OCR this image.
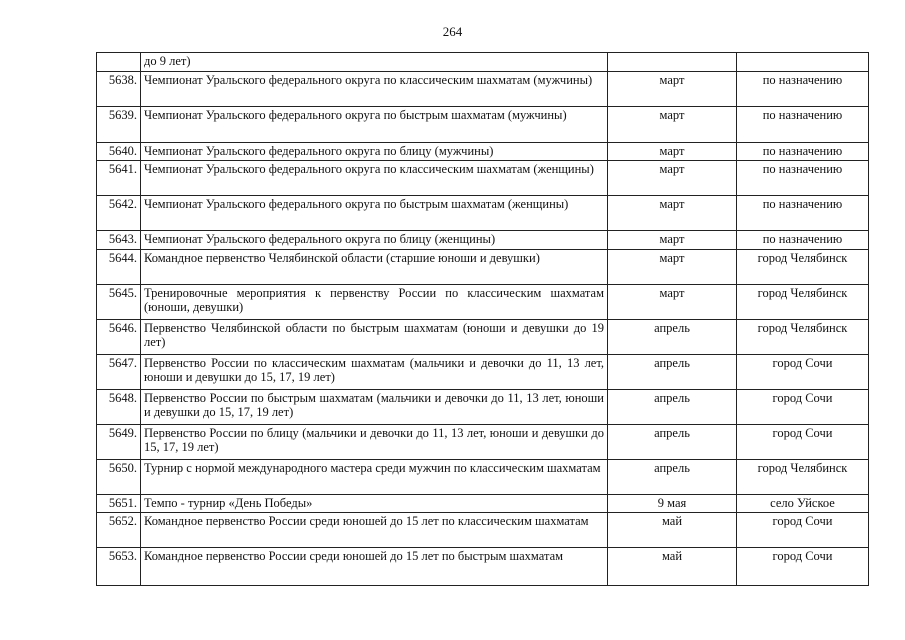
264
	до 9 лет)		
5638.	Чемпионат Уральского федерального округа по классическим шахматам (мужчины)	март	по назначению
5639.	Чемпионат Уральского федерального округа по быстрым шахматам (мужчины)	март	по назначению
5640.	Чемпионат Уральского федерального округа по блицу (мужчины)	март	по назначению
5641.	Чемпионат Уральского федерального округа по классическим шахматам (женщины)	март	по назначению
5642.	Чемпионат Уральского федерального округа по быстрым шахматам (женщины)	март	по назначению
5643.	Чемпионат Уральского федерального округа по блицу (женщины)	март	по назначению
5644.	Командное первенство Челябинской области (старшие юноши и девушки)	март	город Челябинск
5645.	Тренировочные мероприятия к первенству России по классическим шахматам (юноши, девушки)	март	город Челябинск
5646.	Первенство Челябинской области по быстрым шахматам (юноши и девушки до 19 лет)	апрель	город Челябинск
5647.	Первенство России по классическим шахматам (мальчики и девочки до 11, 13 лет, юноши и девушки до 15, 17, 19 лет)	апрель	город Сочи
5648.	Первенство России по быстрым шахматам (мальчики и девочки до 11, 13 лет, юноши и девушки до 15, 17, 19 лет)	апрель	город Сочи
5649.	Первенство России по блицу (мальчики и девочки до 11, 13 лет, юноши и девушки до 15, 17, 19 лет)	апрель	город Сочи
5650.	Турнир с нормой международного мастера среди мужчин по классическим шахматам	апрель	город Челябинск
5651.	Темпо - турнир «День Победы»	9 мая	село Уйское
5652.	Командное первенство России среди юношей до 15 лет по классическим шахматам	май	город Сочи
5653.	Командное первенство России среди юношей до 15 лет по быстрым шахматам	май	город Сочи
